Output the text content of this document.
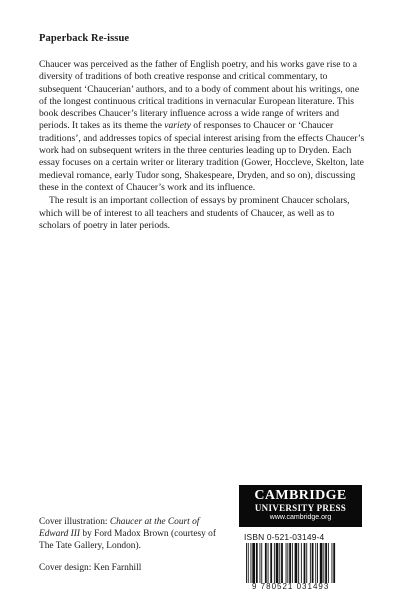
Paperback Re-issue

Chaucer was perceived as the father of English poetry, and his works gave rise to a diversity of traditions of both creative response and critical commentary, to subsequent ‘Chaucerian’ authors, and to a body of comment about his writings, one of the longest continuous critical traditions in vernacular European literature. This book describes Chaucer’s literary influence across a wide range of writers and periods. It takes as its theme the variety of responses to Chaucer or ‘Chaucer traditions’, and addresses topics of special interest arising from the effects Chaucer’s work had on subsequent writers in the three centuries leading up to Dryden. Each essay focuses on a certain writer or literary tradition (Gower, Hoccleve, Skelton, late medieval romance, early Tudor song, Shakespeare, Dryden, and so on), discussing these in the context of Chaucer’s work and its influence.

The result is an important collection of essays by prominent Chaucer scholars, which will be of interest to all teachers and students of Chaucer, as well as to scholars of poetry in later periods.

Cover illustration: Chaucer at the Court of Edward III by Ford Madox Brown (courtesy of The Tate Gallery, London).

Cover design: Ken Farnhill

CAMBRIDGE
UNIVERSITY PRESS
www.cambridge.org
ISBN 0-521-03149-4
9 780521 031493
